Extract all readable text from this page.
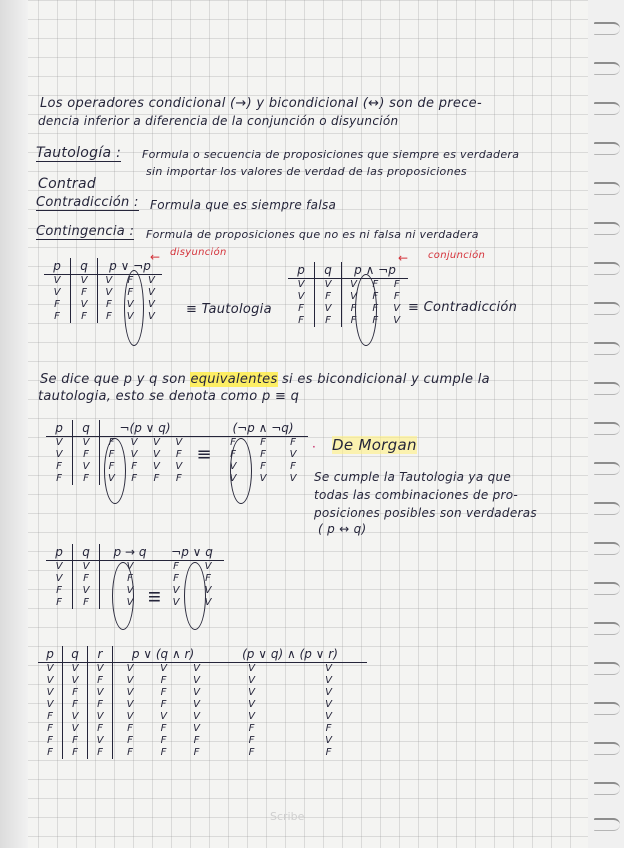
Los operadores condicional (→) y bicondicional (↔) son de prece-
dencia inferior a diferencia de la conjunción o disyunción
Tautología : Formula o secuencia de proposiciones que siempre es verdadera
sin importar los valores de verdad de las proposiciones
Contrad
Contradicción : Formula que es siempre falsa
Contingencia : Formula de proposiciones que no es ni falsa ni verdadera
disyunción
←
p	q	p ∨ ¬p		
V	V	V	F	V
V	F	V	F	V
F	V	F	V	V
F	F	F	V	V ≡ Tautologia
conjunción
←
p	q	p ∧ ¬p		
V	V	V	F	F
V	F	V	F	F
F	V	F	F	V
F	F	F	F	V
≡ Contradicción
Se dice que p y q son equivalentes si es bicondicional y cumple la
tautologia, esto se denota como p ≡ q
p	q	¬(p ∨ q)					(¬p ∧ ¬q)		
V	V	F	V	V	V		F	F	F
V	F	F	V	V	F	≡	F	F	V
F	V	F	F	V	V		V	F	F
F	F	V	F	F	F		V	V	V
De Morgan
·
Se cumple la Tautologia ya que
todas las combinaciones de pro-
posiciones posibles son verdaderas
( p ↔ q)
p	q	p → q	¬p ∨ q	
V	V	V	F	V
V	F	F	F	F
F	V	V	V	V
F	F	V	V	V
≡
p	q	r	p ∨ (q ∧ r)			(p ∨ q) ∧ (p ∨ r)	
V	V	V	V	V	V	V	V
V	V	F	V	F	V	V	V
V	F	V	V	F	V	V	V
V	F	F	V	F	V	V	V
F	V	V	V	V	V	V	V
F	V	F	F	F	V	F	F
F	F	V	F	F	F	F	V
F	F	F	F	F	F	F	F
Scribe
